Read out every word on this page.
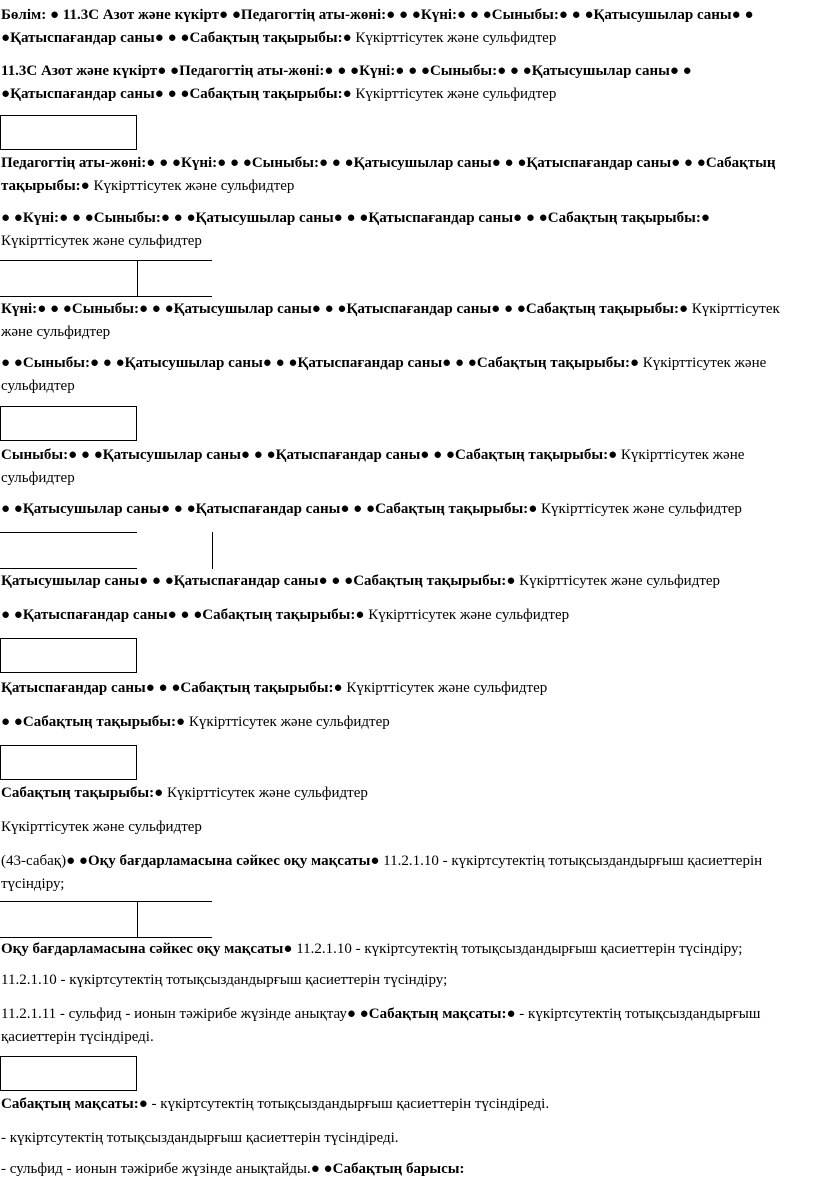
Бөлім: ● 11.3С Азот және күкірт● ●Педагогтің аты-жөні:● ● ●Күні:● ● ●Сыныбы:● ● ●Қатысушылар саны● ● ●Қатыспағандар саны● ● ●Сабақтың тақырыбы:● Күкірттісутек және сульфидтер
11.3С Азот және күкірт● ●Педагогтің аты-жөні:● ● ●Күні:● ● ●Сыныбы:● ● ●Қатысушылар саны● ● ●Қатыспағандар саны● ● ●Сабақтың тақырыбы:● Күкірттісутек және сульфидтер
Педагогтің аты-жөні:● ● ●Күні:● ● ●Сыныбы:● ● ●Қатысушылар саны● ● ●Қатыспағандар саны● ● ●Сабақтың тақырыбы:● Күкірттісутек және сульфидтер
● ●Күні:● ● ●Сыныбы:● ● ●Қатысушылар саны● ● ●Қатыспағандар саны● ● ●Сабақтың тақырыбы:● Күкірттісутек және сульфидтер
Күні:● ● ●Сыныбы:● ● ●Қатысушылар саны● ● ●Қатыспағандар саны● ● ●Сабақтың тақырыбы:● Күкірттісутек және сульфидтер
● ●Сыныбы:● ● ●Қатысушылар саны● ● ●Қатыспағандар саны● ● ●Сабақтың тақырыбы:● Күкірттісутек және сульфидтер
Сыныбы:● ● ●Қатысушылар саны● ● ●Қатыспағандар саны● ● ●Сабақтың тақырыбы:● Күкірттісутек және сульфидтер
● ●Қатысушылар саны● ● ●Қатыспағандар саны● ● ●Сабақтың тақырыбы:● Күкірттісутек және сульфидтер
Қатысушылар саны● ● ●Қатыспағандар саны● ● ●Сабақтың тақырыбы:● Күкірттісутек және сульфидтер
● ●Қатыспағандар саны● ● ●Сабақтың тақырыбы:● Күкірттісутек және сульфидтер
Қатыспағандар саны● ● ●Сабақтың тақырыбы:● Күкірттісутек және сульфидтер
● ●Сабақтың тақырыбы:● Күкірттісутек және сульфидтер
Сабақтың тақырыбы:● Күкірттісутек және сульфидтер
Күкірттісутек және сульфидтер
(43-сабақ)● ●Оқу бағдарламасына сәйкес оқу мақсаты● 11.2.1.10 - күкіртсутектің тотықсыздандырғыш қасиеттерін түсіндіру;
Оқу бағдарламасына сәйкес оқу мақсаты● 11.2.1.10 - күкіртсутектің тотықсыздандырғыш қасиеттерін түсіндіру;
11.2.1.10 - күкіртсутектің тотықсыздандырғыш қасиеттерін түсіндіру;
11.2.1.11 - сульфид - ионын тәжірибе жүзінде анықтау● ●Сабақтың мақсаты:● - күкіртсутектің тотықсыздандырғыш қасиеттерін түсіндіреді.
Сабақтың мақсаты:● - күкіртсутектің тотықсыздандырғыш қасиеттерін түсіндіреді.
- күкіртсутектің тотықсыздандырғыш қасиеттерін түсіндіреді.
- сульфид - ионын тәжірибе жүзінде анықтайды.● ●Сабақтың барысы:
